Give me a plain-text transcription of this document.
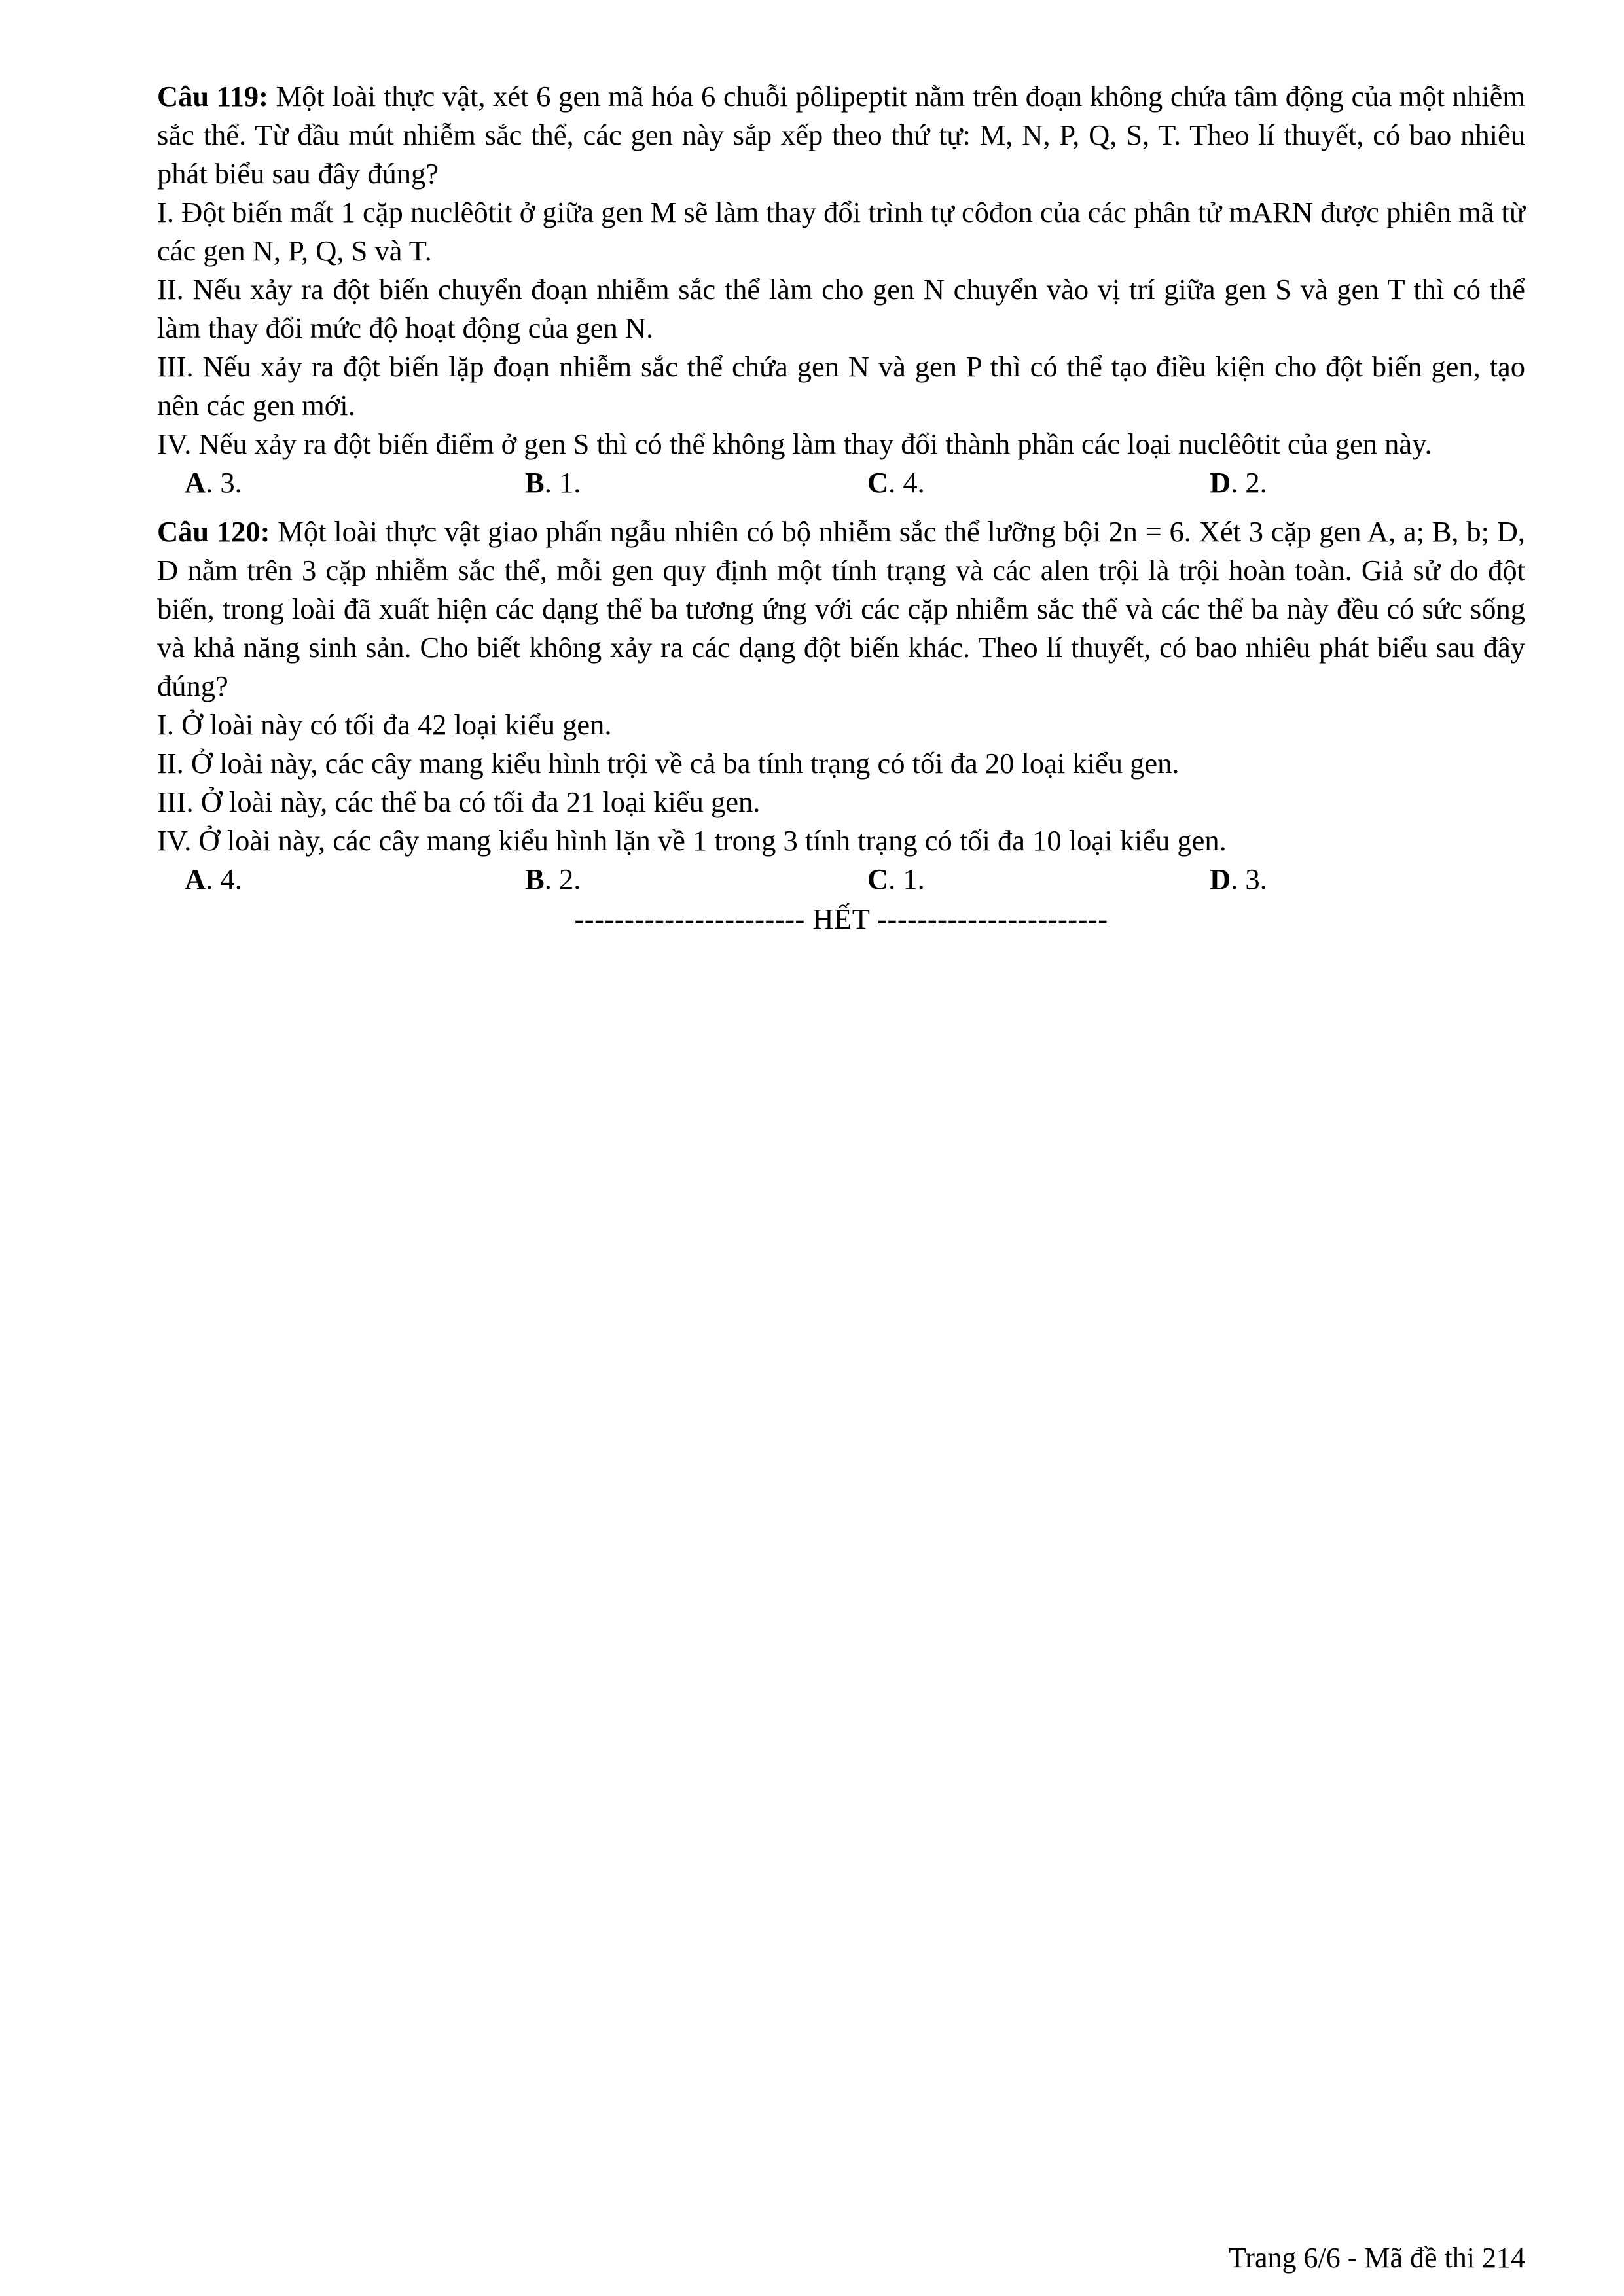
Câu 119: Một loài thực vật, xét 6 gen mã hóa 6 chuỗi pôlipeptit nằm trên đoạn không chứa tâm động của một nhiễm sắc thể. Từ đầu mút nhiễm sắc thể, các gen này sắp xếp theo thứ tự: M, N, P, Q, S, T. Theo lí thuyết, có bao nhiêu phát biểu sau đây đúng?

I. Đột biến mất 1 cặp nuclêôtit ở giữa gen M sẽ làm thay đổi trình tự côđon của các phân tử mARN được phiên mã từ các gen N, P, Q, S và T.

II. Nếu xảy ra đột biến chuyển đoạn nhiễm sắc thể làm cho gen N chuyển vào vị trí giữa gen S và gen T thì có thể làm thay đổi mức độ hoạt động của gen N.

III. Nếu xảy ra đột biến lặp đoạn nhiễm sắc thể chứa gen N và gen P thì có thể tạo điều kiện cho đột biến gen, tạo nên các gen mới.

IV. Nếu xảy ra đột biến điểm ở gen S thì có thể không làm thay đổi thành phần các loại nuclêôtit của gen này.

A. 3.	B. 1.	C. 4.	D. 2.

Câu 120: Một loài thực vật giao phấn ngẫu nhiên có bộ nhiễm sắc thể lưỡng bội 2n = 6. Xét 3 cặp gen A, a; B, b; D, D nằm trên 3 cặp nhiễm sắc thể, mỗi gen quy định một tính trạng và các alen trội là trội hoàn toàn. Giả sử do đột biến, trong loài đã xuất hiện các dạng thể ba tương ứng với các cặp nhiễm sắc thể và các thể ba này đều có sức sống và khả năng sinh sản. Cho biết không xảy ra các dạng đột biến khác. Theo lí thuyết, có bao nhiêu phát biểu sau đây đúng?

I. Ở loài này có tối đa 42 loại kiểu gen.

II. Ở loài này, các cây mang kiểu hình trội về cả ba tính trạng có tối đa 20 loại kiểu gen.

III. Ở loài này, các thể ba có tối đa 21 loại kiểu gen.

IV. Ở loài này, các cây mang kiểu hình lặn về 1 trong 3 tính trạng có tối đa 10 loại kiểu gen.

A. 4.	B. 2.	C. 1.	D. 3.
----------------------- HẾT -----------------------
Trang 6/6 - Mã đề thi 214
